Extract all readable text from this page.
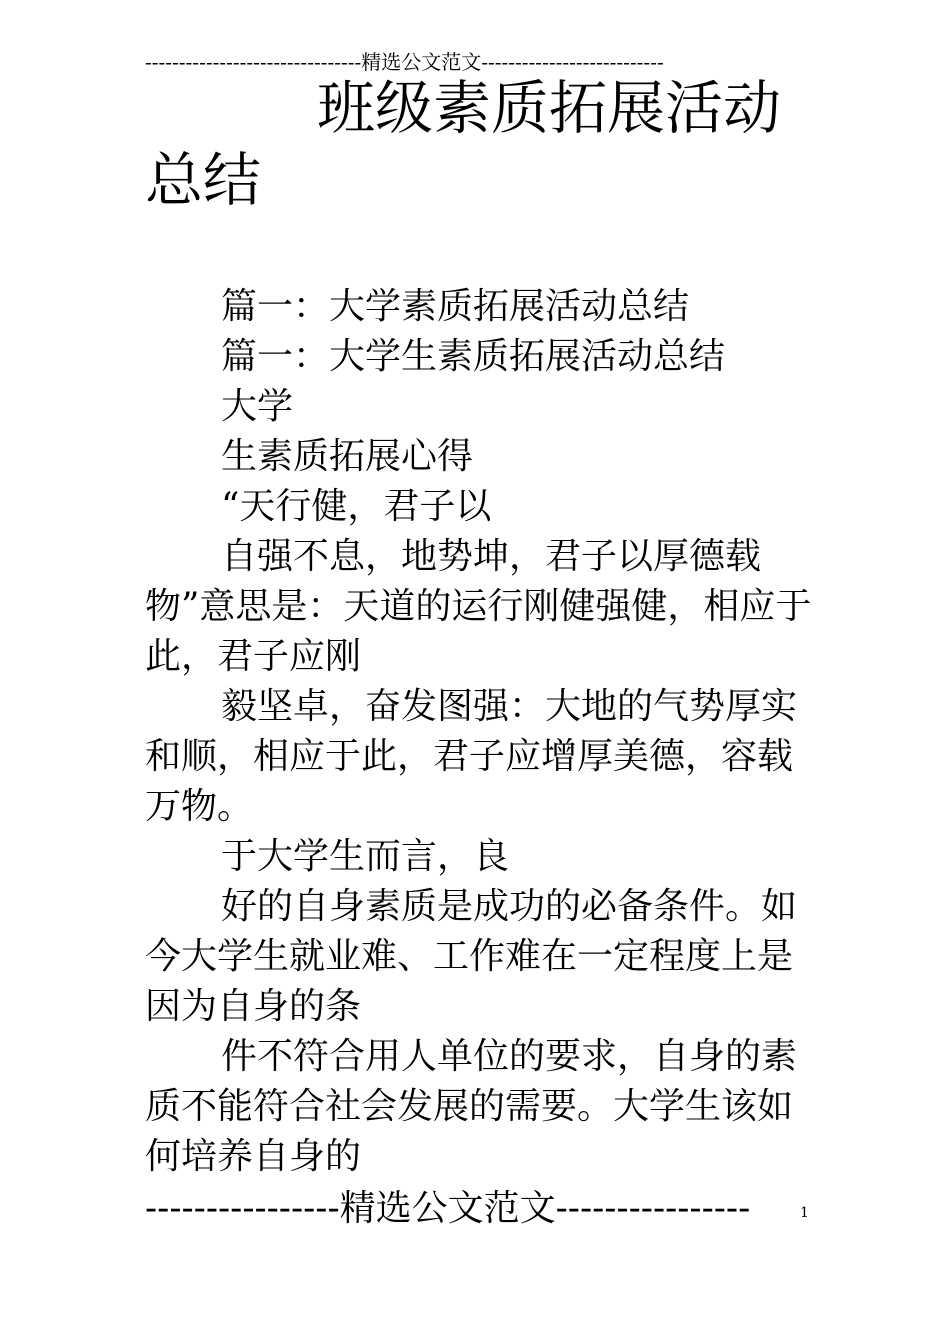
--------------------------------精选公文范文---------------------------
班级素质拓展活动
总结

篇一：大学素质拓展活动总结

篇一：大学生素质拓展活动总结

大学

生素质拓展心得

“天行健，君子以

自强不息，地势坤，君子以厚德载物”意思是：天道的运行刚健强健，相应于此，君子应刚

毅坚卓，奋发图强：大地的气势厚实和顺，相应于此，君子应增厚美德，容载万物。

于大学生而言，良

好的自身素质是成功的必备条件。如今大学生就业难、工作难在一定程度上是因为自身的条

件不符合用人单位的要求，自身的素质不能符合社会发展的需要。大学生该如何培养自身的

----------------精选公文范文----------------	1
